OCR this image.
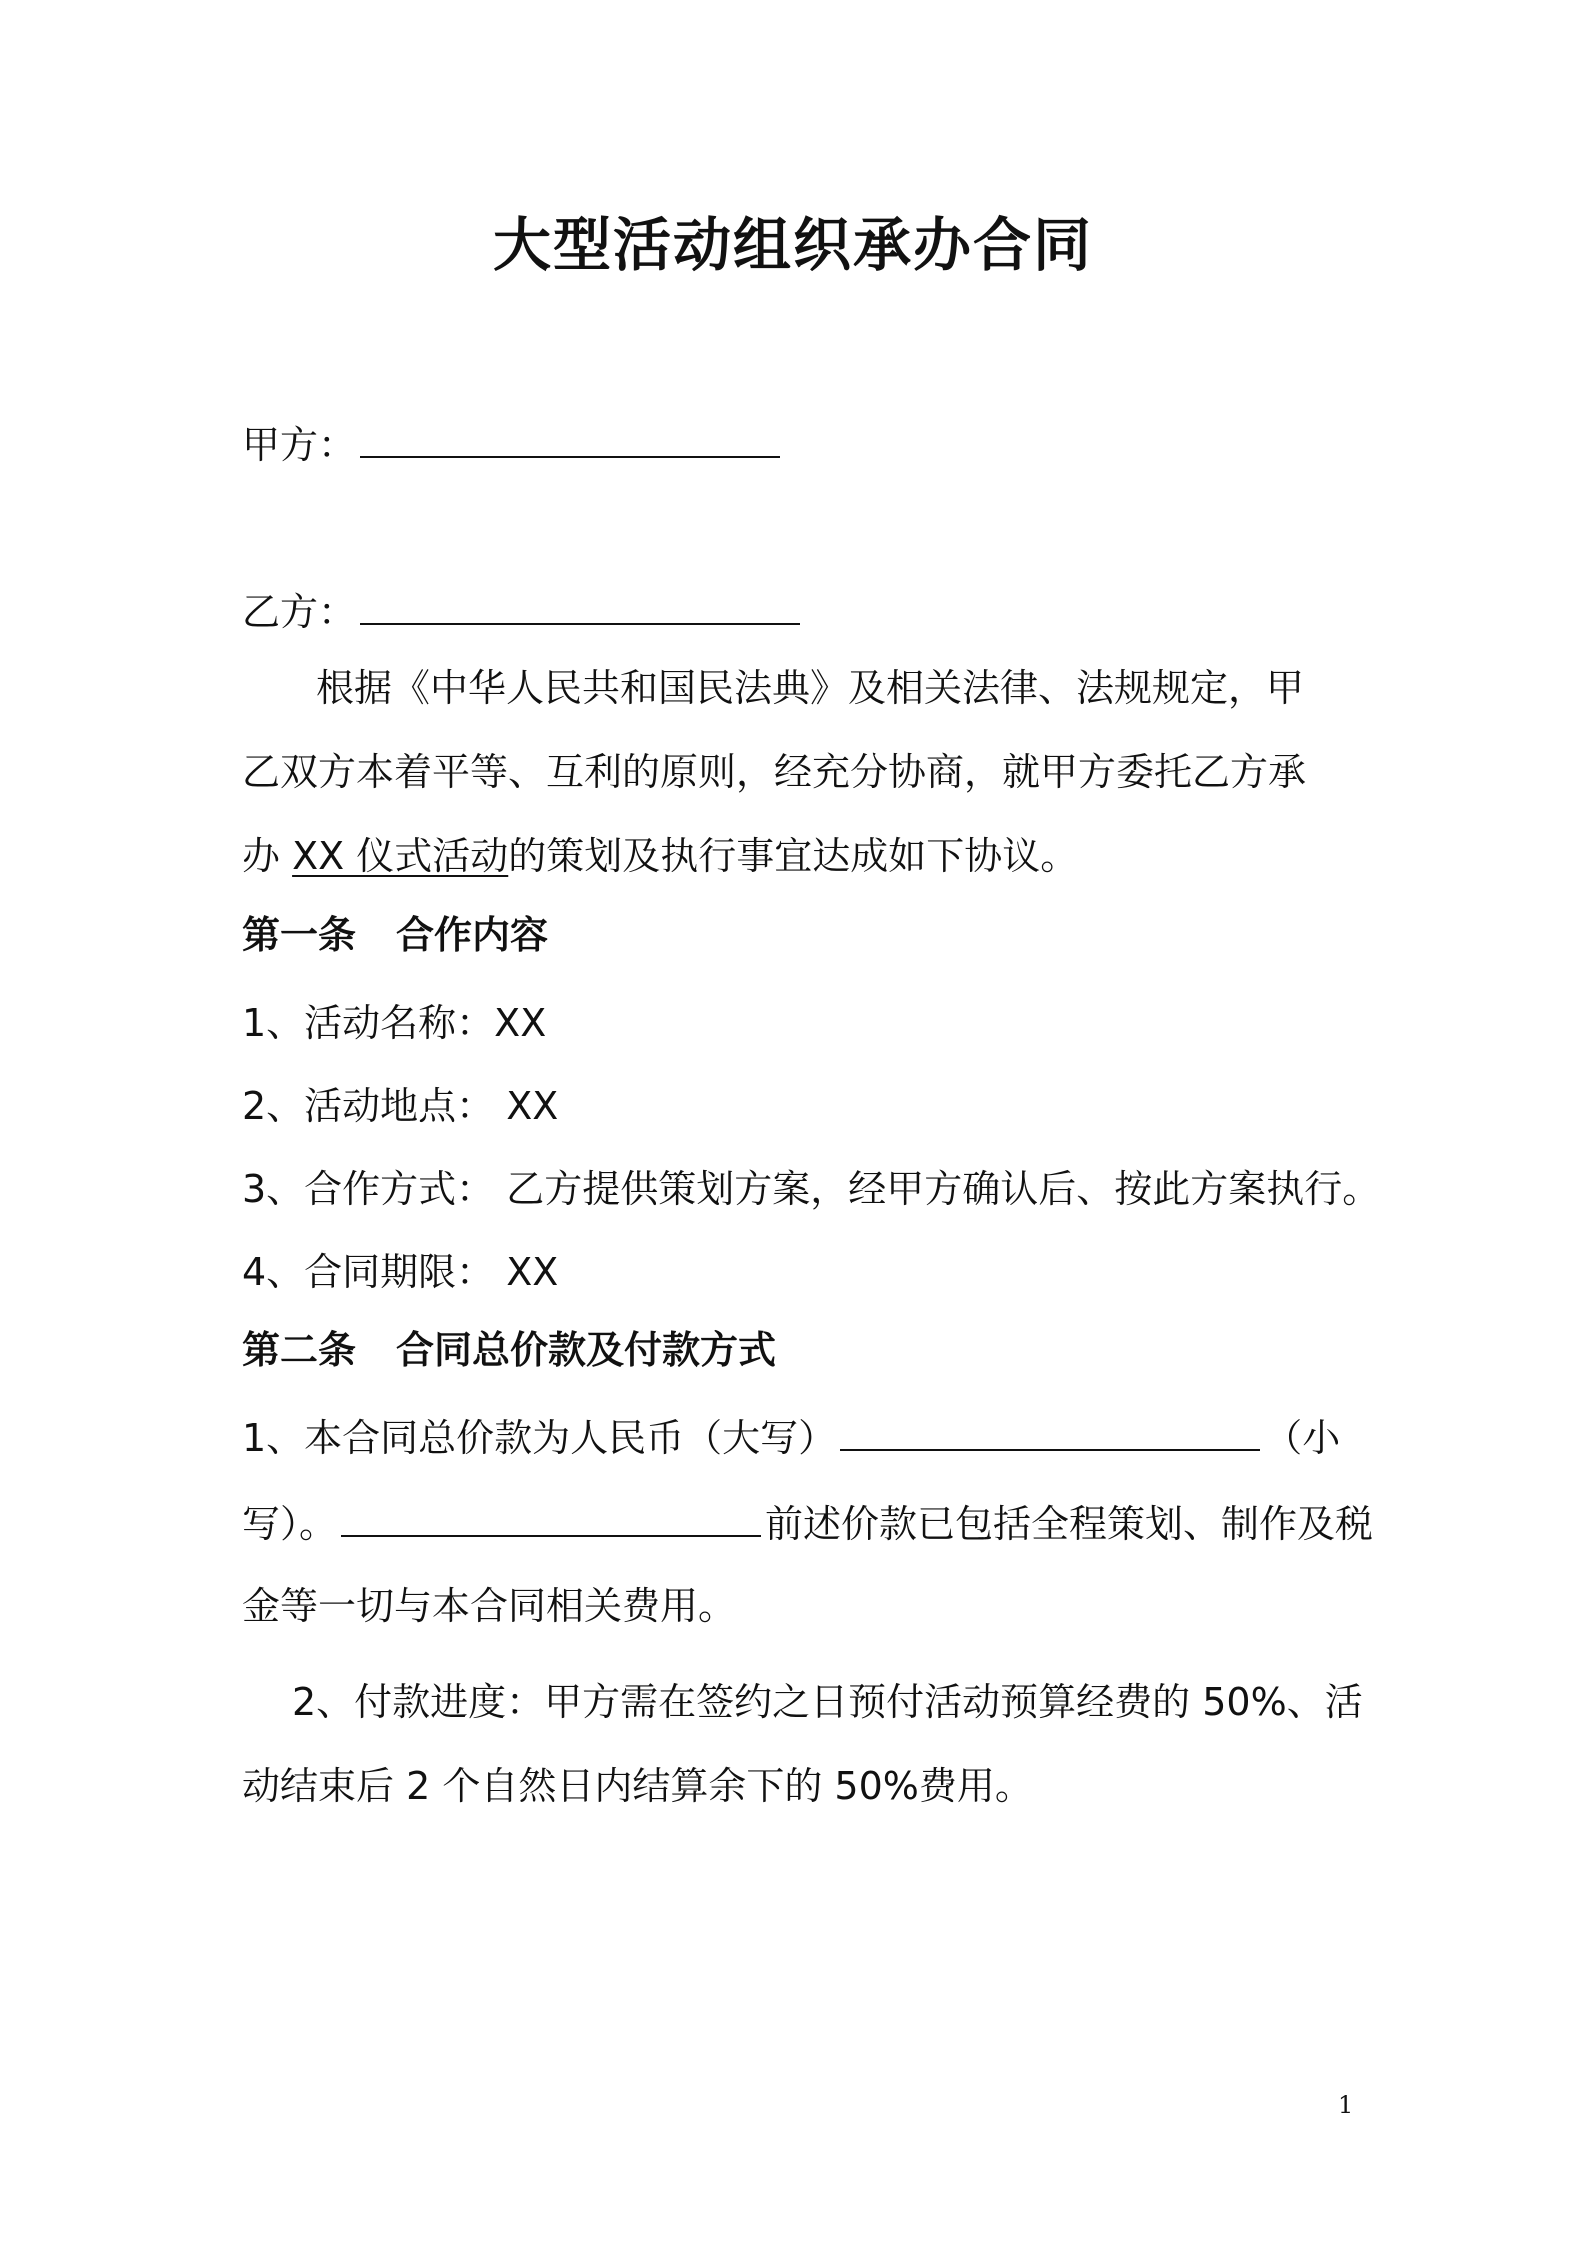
大型活动组织承办合同
甲方：
乙方：
根据《中华人民共和国民法典》及相关法律、法规规定，甲
乙双方本着平等、互利的原则，经充分协商，就甲方委托乙方承
办 XX 仪式活动的策划及执行事宜达成如下协议。
第一条 合作内容
1、活动名称：XX
2、活动地点： XX
3、合作方式： 乙方提供策划方案，经甲方确认后、按此方案执行。
4、合同期限： XX
第二条 合同总价款及付款方式
1、本合同总价款为人民币（大写）	（小
写）。	前述价款已包括全程策划、制作及税
金等一切与本合同相关费用。
2、付款进度：甲方需在签约之日预付活动预算经费的 50%、活
动结束后 2 个自然日内结算余下的 50%费用。
1
